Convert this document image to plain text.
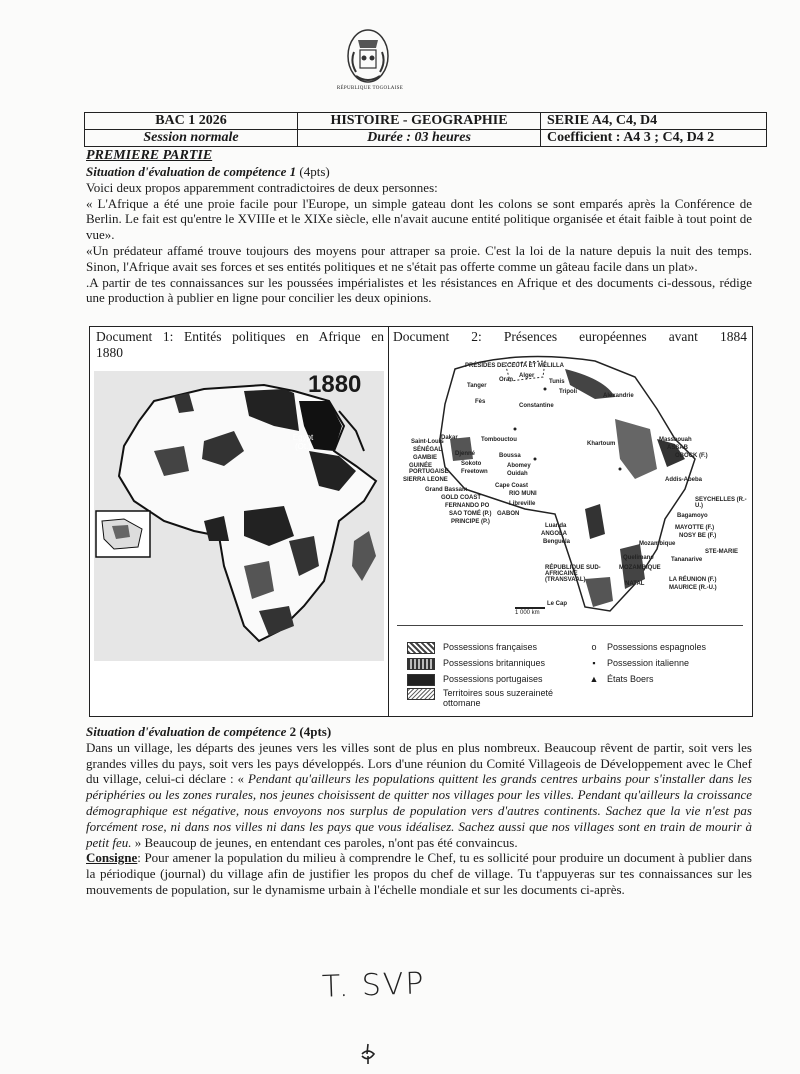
RÉPUBLIQUE TOGOLAISE
BAC 1 2026	HISTOIRE - GEOGRAPHIE	SERIE A4, C4, D4
Session normale	Durée : 03 heures	Coefficient : A4 3 ; C4, D4 2
PREMIERE PARTIE
Situation d'évaluation de compétence 1 (4pts)
Voici deux propos apparemment contradictoires de deux personnes:
« L'Afrique a été une proie facile pour l'Europe, un simple gateau dont les colons se sont emparés après la Conférence de Berlin. Le fait est qu'entre le XVIIIe et le XIXe siècle, elle n'avait aucune entité politique organisée et était faible à tout point de vue».
«Un prédateur affamé trouve toujours des moyens pour attraper sa proie. C'est la loi de la nature depuis la nuit des temps. Sinon, l'Afrique avait ses forces et ses entités politiques et ne s'était pas offerte comme un gâteau facile dans un plat».
.A partir de tes connaissances sur les poussées impérialistes et les résistances en Afrique et des documents ci-dessous, rédige une production à publier en ligne pour concilier les deux opinions.
Document 1: Entités politiques en Afrique en
1880
1880
Egypt (Ot.)
Document 2: Présences européennes avant 1884
PRÉSIDES DE CEUTA ET MELILLA
Oran
Alger
Tanger
Tunis
Tripoli
Fès
Constantine
Alexandrie
Saint-Louis
Dakar	Tombouctou
SÉNÉGAL
GAMBIE
Djenné	Boussa
GUINÉE PORTUGAISE
Sokoto	Abomey
SIERRA LEONE
Freetown	Ouidah
Grand Bassam
GOLD COAST
Cape Coast
FERNANDO PO
RIO MUNI
SAO TOMÉ (P.)
Libreville
PRINCIPE (P.)
GABON
Khartoum
Massaouah
ASSAB
OBOCK (F.)
Addis-Abeba
SEYCHELLES (R.-U.)
Bagamoyo
Luanda
ANGOLA
Benguela
MAYOTTE (F.)
NOSY BE (F.)
Mozambique
Quelimane	Tananarive
STE-MARIE
RÉPUBLIQUE SUD-AFRICAINE (TRANSVAAL)
MOZAMBIQUE
NATAL
LA RÉUNION (F.)
MAURICE (R.-U.)
Le Cap
1 000 km
Possessions françaises
Possessions britanniques
Possessions portugaises
Territoires sous suzeraineté ottomane
o	Possessions espagnoles
▪	Possession italienne
▲ États Boers
Situation d'évaluation de compétence 2 (4pts)
Dans un village, les départs des jeunes vers les villes sont de plus en plus nombreux. Beaucoup rêvent de partir, soit vers les grandes villes du pays, soit vers les pays développés. Lors d'une réunion du Comité Villageois de Développement avec le Chef du village, celui-ci déclare : « Pendant qu'ailleurs les populations quittent les grands centres urbains pour s'installer dans les périphéries ou les zones rurales, nos jeunes choisissent de quitter nos villages pour les villes. Pendant qu'ailleurs la croissance démographique est négative, nous envoyons nos surplus de population vers d'autres continents. Sachez que la vie n'est pas forcément rose, ni dans nos villes ni dans les pays que vous idéalisez. Sachez aussi que nos villages sont en train de mourir à petit feu. » Beaucoup de jeunes, en entendant ces paroles, n'ont pas été convaincus.
Consigne: Pour amener la population du milieu à comprendre le Chef, tu es sollicité pour produire un document à publier dans la périodique (journal) du village afin de justifier les propos du chef de village. Tu t'appuyeras sur tes connaissances sur les mouvements de population, sur le dynamisme urbain à l'échelle mondiale et sur les documents ci-après.
T. SVP
